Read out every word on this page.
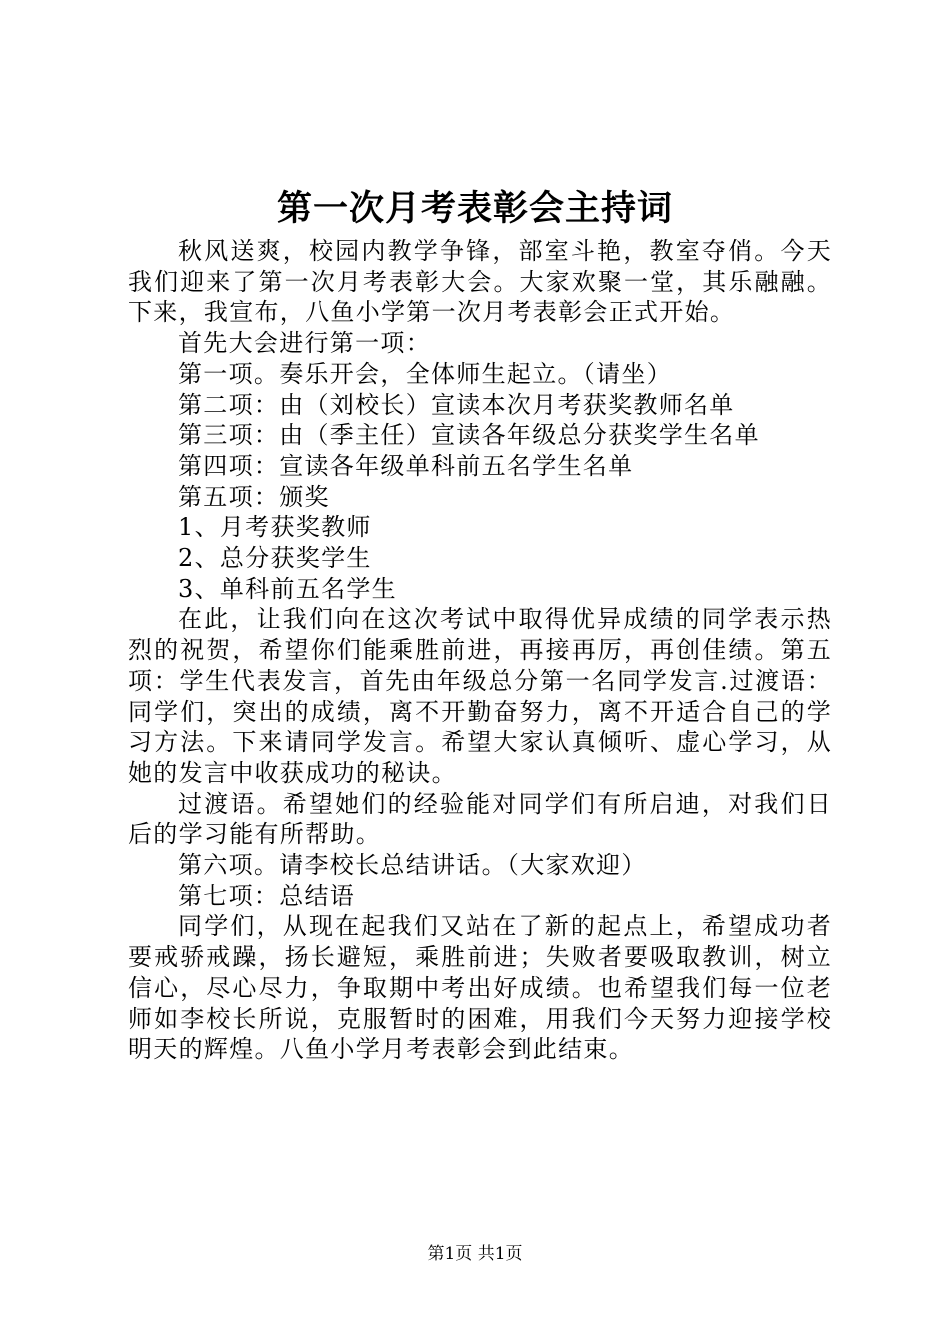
第一次月考表彰会主持词

秋风送爽，校园内教学争锋，部室斗艳，教室夺俏。今天我们迎来了第一次月考表彰大会。大家欢聚一堂，其乐融融。下来，我宣布，八鱼小学第一次月考表彰会正式开始。

首先大会进行第一项：

第一项。奏乐开会，全体师生起立。（请坐）

第二项：由（刘校长）宣读本次月考获奖教师名单

第三项：由（季主任）宣读各年级总分获奖学生名单

第四项：宣读各年级单科前五名学生名单

第五项：颁奖

1、月考获奖教师

2、总分获奖学生

3、单科前五名学生

在此，让我们向在这次考试中取得优异成绩的同学表示热烈的祝贺，希望你们能乘胜前进，再接再厉，再创佳绩。第五项：学生代表发言，首先由年级总分第一名同学发言.过渡语：同学们，突出的成绩，离不开勤奋努力，离不开适合自己的学习方法。下来请同学发言。希望大家认真倾听、虚心学习，从她的发言中收获成功的秘诀。

过渡语。希望她们的经验能对同学们有所启迪，对我们日后的学习能有所帮助。

第六项。请李校长总结讲话。（大家欢迎）

第七项：总结语

同学们，从现在起我们又站在了新的起点上，希望成功者要戒骄戒躁，扬长避短，乘胜前进；失败者要吸取教训，树立信心，尽心尽力，争取期中考出好成绩。也希望我们每一位老师如李校长所说，克服暂时的困难，用我们今天努力迎接学校明天的辉煌。八鱼小学月考表彰会到此结束。

第1页 共1页
